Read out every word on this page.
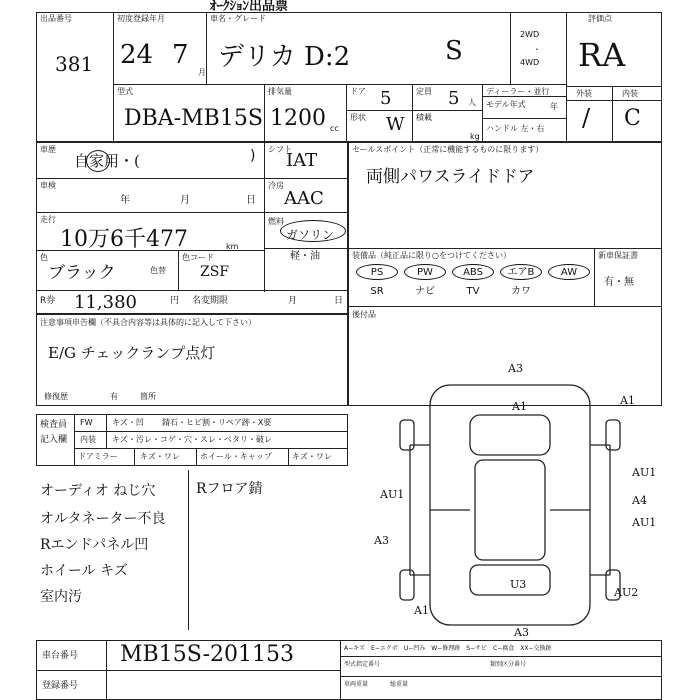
ｵｰｸｼｮﾝ出品票
出品番号
381
初度登録年月
24 7
月
車名・グレード
デリカ D:2	S
2WD
・
4WD
評価点
RA
外装	内装
/ C
型式
DBA-MB15S
排気量
1200 cc
ドア 5	定員 5 人
形状 W 積載
kg
ディーラー・並行
モデル年式	年
ハンドル 左・右
車歴
自家用・(	) シフト
IAT
車検
年	月	日
冷房
AAC
走行
10万6千477	km
燃料
ガソリン
軽・油
色
ブラック	色替
色コード
ZSF
R券 11,380	円 名変期限	月	日
セールスポイント（正常に機能するものに限ります）
両側パワスライドドア
装備品（純正品に限り○をつけてください）	新車保証書
有・無
PS	PW	ABS	エアB	AW
SR	ナビ	TV	カワ
後付品
注意事項申告欄（不具合内容等は具体的に記入して下さい）
E/G チェックランプ点灯
修復歴	有	箇所
検査員
記入欄
FW キズ・凹 錆石・ヒビ割・リペア跡・X要
内装 キズ・汚レ・コゲ・穴・スレ・ベタリ・破レ
ドアミラー	キズ・ワレ	ホイール・キャップ	キズ・ワレ
オーディオ ねじ穴
オルタネーター不良
Rエンドパネル凹
ホイール キズ
室内汚
Rフロア錆
A3
A1	A1
AU1
A4
AU1
AU1
A3
U3
AU2
A1
A3
車台番号 MB15S-201153
登録番号
A−キズ　E−エクボ　U−凹み　W−修理跡　S−サビ　C−腐食　XX−交換跡
型式指定番号	類別区分番号
車両重量	総重量
